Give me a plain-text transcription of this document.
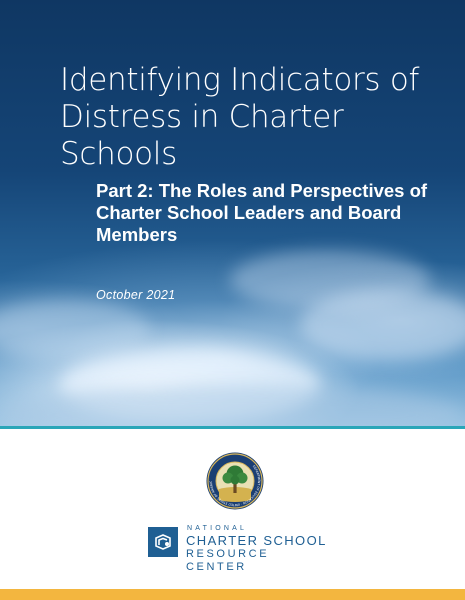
Identifying Indicators of Distress in Charter Schools
Part 2: The Roles and Perspectives of Charter School Leaders and Board Members

October 2021

DEPARTMENT OF EDUCATION · UNITED STATES OF AMERIC
NATIONAL
CHARTER SCHOOL
RESOURCE CENTER
